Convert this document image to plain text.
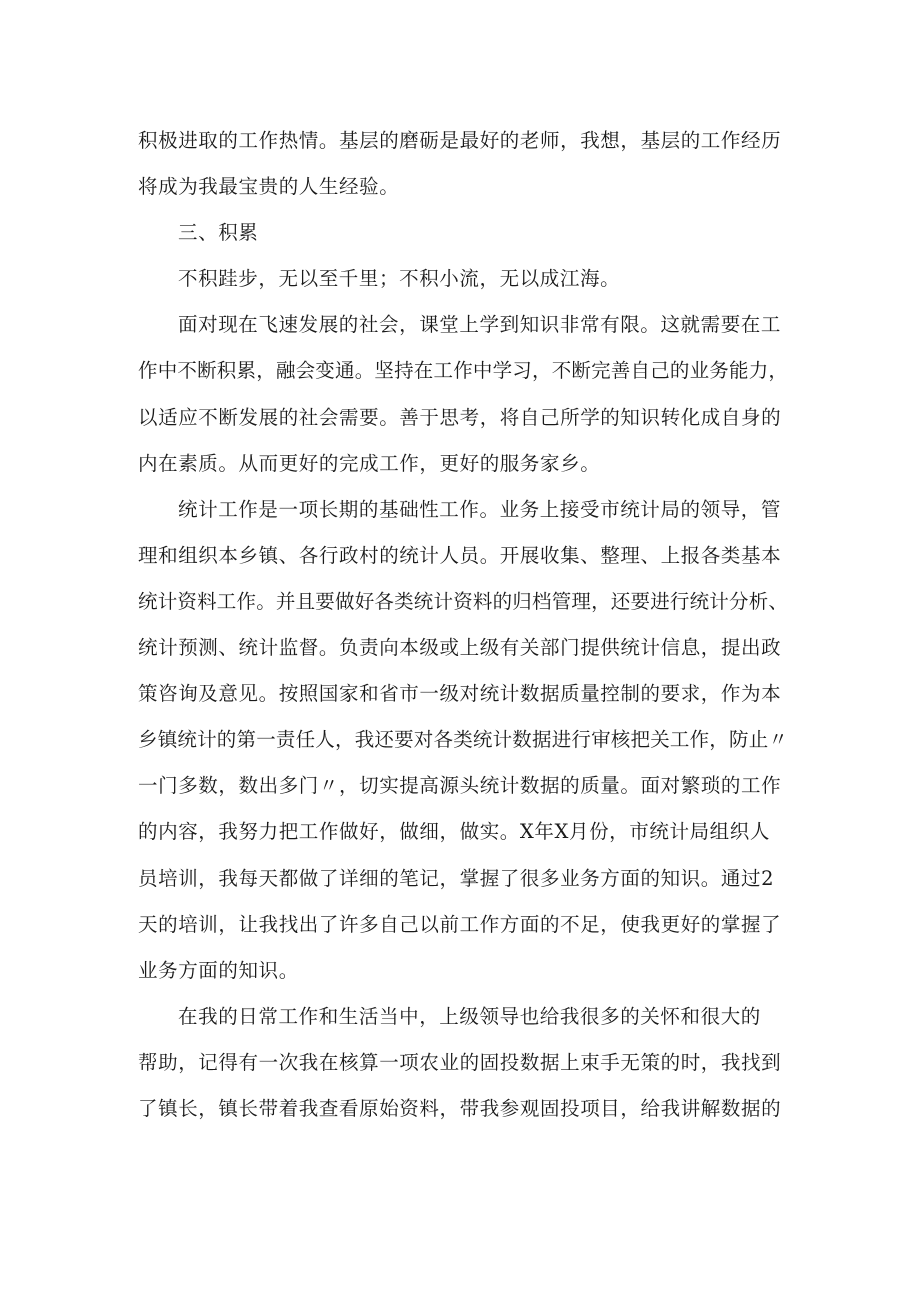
积极进取的工作热情。基层的磨砺是最好的老师，我想，基层的工作经历
将成为我最宝贵的人生经验。
三、积累
不积跬步，无以至千里；不积小流，无以成江海。
面对现在飞速发展的社会，课堂上学到知识非常有限。这就需要在工
作中不断积累，融会变通。坚持在工作中学习，不断完善自己的业务能力，
以适应不断发展的社会需要。善于思考，将自己所学的知识转化成自身的
内在素质。从而更好的完成工作，更好的服务家乡。
统计工作是一项长期的基础性工作。业务上接受市统计局的领导，管
理和组织本乡镇、各行政村的统计人员。开展收集、整理、上报各类基本
统计资料工作。并且要做好各类统计资料的归档管理，还要进行统计分析、
统计预测、统计监督。负责向本级或上级有关部门提供统计信息，提出政
策咨询及意见。按照国家和省市一级对统计数据质量控制的要求，作为本
乡镇统计的第一责任人，我还要对各类统计数据进行审核把关工作，防止〃
一门多数，数出多门〃，切实提高源头统计数据的质量。面对繁琐的工作
的内容，我努力把工作做好，做细，做实。X年X月份，市统计局组织人
员培训，我每天都做了详细的笔记，掌握了很多业务方面的知识。通过2
天的培训，让我找出了许多自己以前工作方面的不足，使我更好的掌握了
业务方面的知识。
在我的日常工作和生活当中，上级领导也给我很多的关怀和很大的
帮助，记得有一次我在核算一项农业的固投数据上束手无策的时，我找到
了镇长，镇长带着我查看原始资料，带我参观固投项目，给我讲解数据的
